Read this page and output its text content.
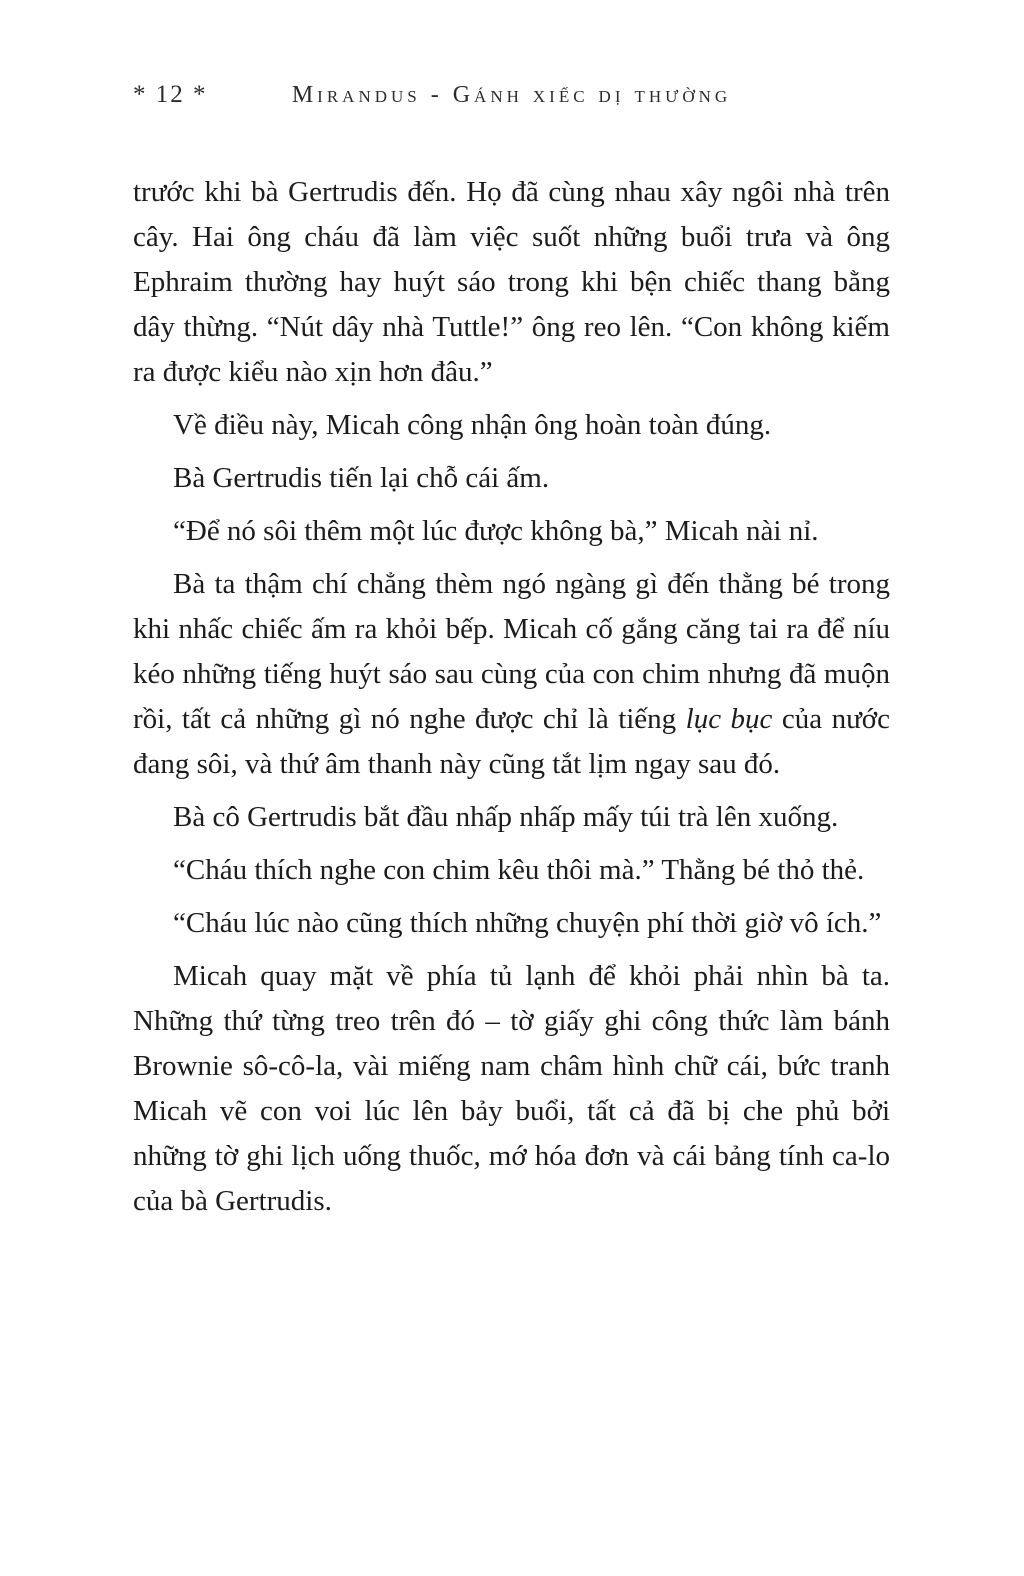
* 12 *	Mirandus - Gánh xiếc dị thường

trước khi bà Gertrudis đến. Họ đã cùng nhau xây ngôi nhà trên cây. Hai ông cháu đã làm việc suốt những buổi trưa và ông Ephraim thường hay huýt sáo trong khi bện chiếc thang bằng dây thừng. “Nút dây nhà Tuttle!” ông reo lên. “Con không kiếm ra được kiểu nào xịn hơn đâu.”

Về điều này, Micah công nhận ông hoàn toàn đúng.

Bà Gertrudis tiến lại chỗ cái ấm.

“Để nó sôi thêm một lúc được không bà,” Micah nài nỉ.

Bà ta thậm chí chẳng thèm ngó ngàng gì đến thằng bé trong khi nhấc chiếc ấm ra khỏi bếp. Micah cố gắng căng tai ra để níu kéo những tiếng huýt sáo sau cùng của con chim nhưng đã muộn rồi, tất cả những gì nó nghe được chỉ là tiếng lục bục của nước đang sôi, và thứ âm thanh này cũng tắt lịm ngay sau đó.

Bà cô Gertrudis bắt đầu nhấp nhấp mấy túi trà lên xuống.

“Cháu thích nghe con chim kêu thôi mà.” Thằng bé thỏ thẻ.

“Cháu lúc nào cũng thích những chuyện phí thời giờ vô ích.”

Micah quay mặt về phía tủ lạnh để khỏi phải nhìn bà ta. Những thứ từng treo trên đó – tờ giấy ghi công thức làm bánh Brownie sô-cô-la, vài miếng nam châm hình chữ cái, bức tranh Micah vẽ con voi lúc lên bảy buổi, tất cả đã bị che phủ bởi những tờ ghi lịch uống thuốc, mớ hóa đơn và cái bảng tính ca-lo của bà Gertrudis.
